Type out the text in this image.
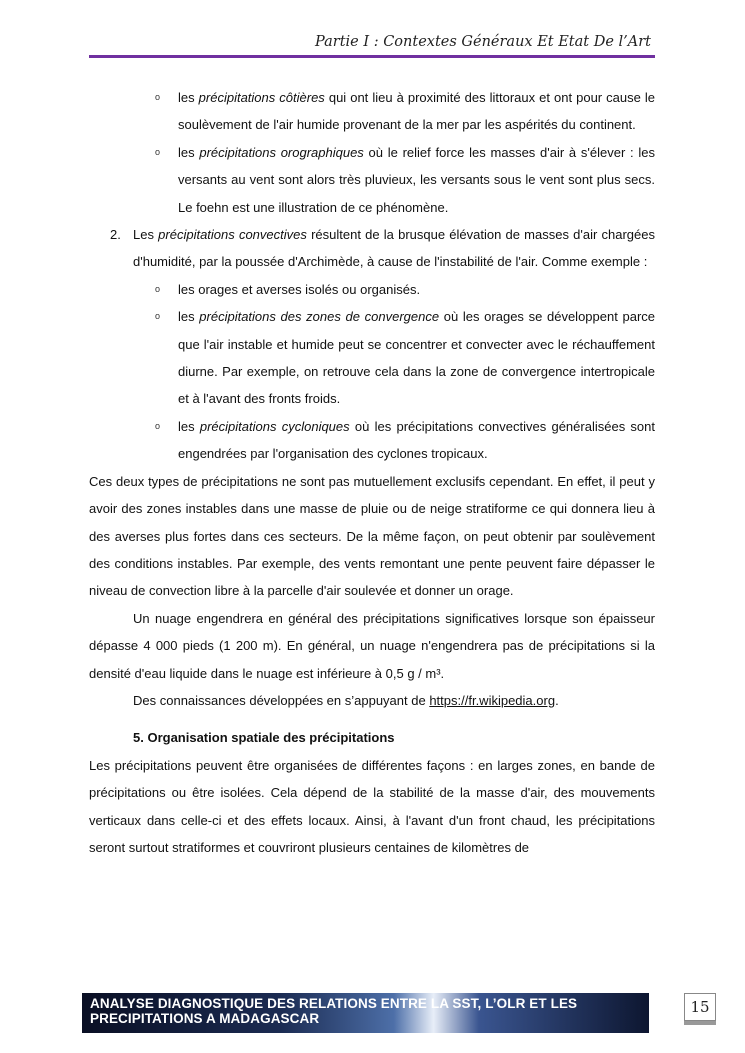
Partie I : Contextes Généraux Et Etat De l’Art

o les précipitations côtières qui ont lieu à proximité des littoraux et ont pour cause le soulèvement de l'air humide provenant de la mer par les aspérités du continent.

o les précipitations orographiques où le relief force les masses d'air à s'élever : les versants au vent sont alors très pluvieux, les versants sous le vent sont plus secs. Le foehn est une illustration de ce phénomène.

2. Les précipitations convectives résultent de la brusque élévation de masses d'air chargées d'humidité, par la poussée d'Archimède, à cause de l'instabilité de l'air. Comme exemple :

o les orages et averses isolés ou organisés.

o les précipitations des zones de convergence où les orages se développent parce que l'air instable et humide peut se concentrer et convecter avec le réchauffement diurne. Par exemple, on retrouve cela dans la zone de convergence intertropicale et à l'avant des fronts froids.

o les précipitations cycloniques où les précipitations convectives généralisées sont engendrées par l'organisation des cyclones tropicaux.

Ces deux types de précipitations ne sont pas mutuellement exclusifs cependant. En effet, il peut y avoir des zones instables dans une masse de pluie ou de neige stratiforme ce qui donnera lieu à des averses plus fortes dans ces secteurs. De la même façon, on peut obtenir par soulèvement des conditions instables. Par exemple, des vents remontant une pente peuvent faire dépasser le niveau de convection libre à la parcelle d'air soulevée et donner un orage.

Un nuage engendrera en général des précipitations significatives lorsque son épaisseur dépasse 4 000 pieds (1 200 m). En général, un nuage n'engendrera pas de précipitations si la densité d'eau liquide dans le nuage est inférieure à 0,5 g / m³.

Des connaissances développées en s’appuyant de https://fr.wikipedia.org.

5. Organisation spatiale des précipitations

Les précipitations peuvent être organisées de différentes façons : en larges zones, en bande de précipitations ou être isolées. Cela dépend de la stabilité de la masse d'air, des mouvements verticaux dans celle-ci et des effets locaux. Ainsi, à l'avant d'un front chaud, les précipitations seront surtout stratiformes et couvriront plusieurs centaines de kilomètres de

ANALYSE DIAGNOSTIQUE DES RELATIONS ENTRE LA SST, L’OLR ET LES
PRECIPITATIONS A MADAGASCAR
15
